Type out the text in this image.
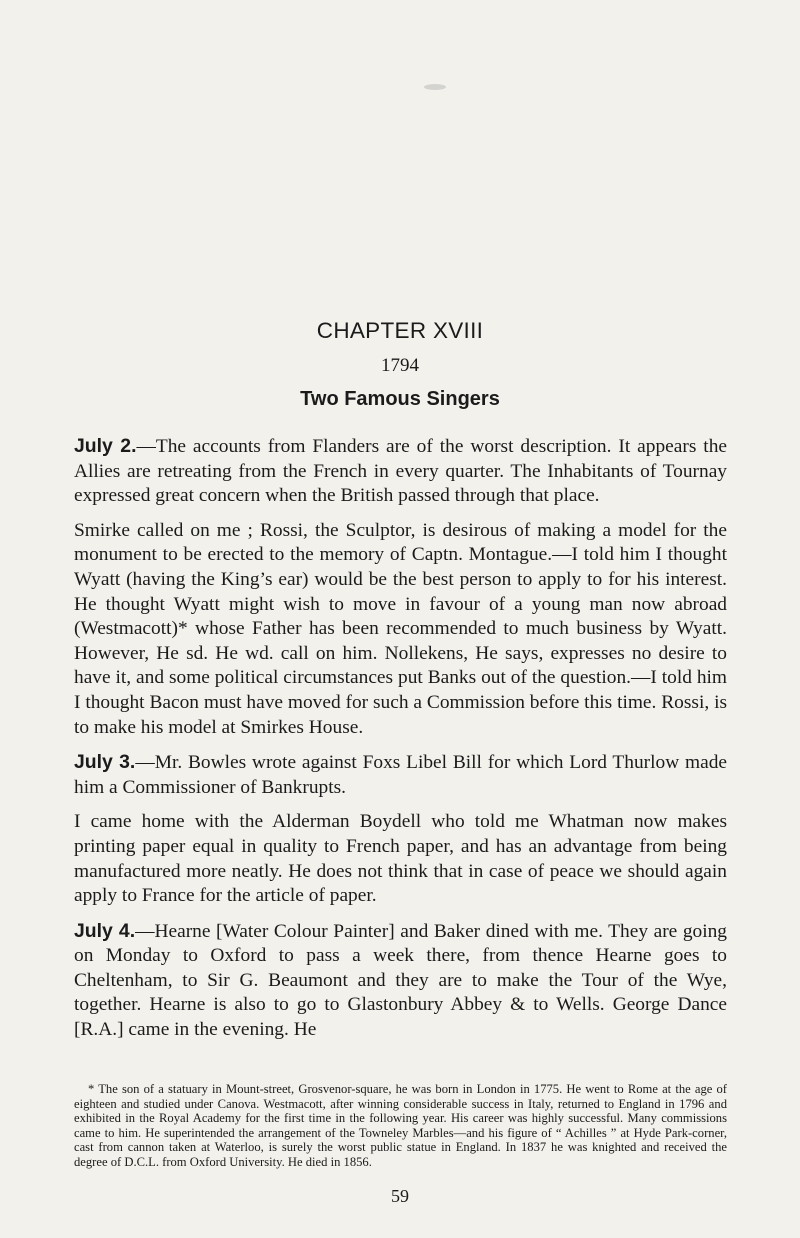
CHAPTER XVIII
1794
Two Famous Singers

July 2.—The accounts from Flanders are of the worst description. It appears the Allies are retreating from the French in every quarter. The Inhabitants of Tournay expressed great concern when the British passed through that place.

Smirke called on me ; Rossi, the Sculptor, is desirous of making a model for the monument to be erected to the memory of Captn. Montague.—I told him I thought Wyatt (having the King’s ear) would be the best person to apply to for his interest. He thought Wyatt might wish to move in favour of a young man now abroad (Westmacott)* whose Father has been recommended to much business by Wyatt. However, He sd. He wd. call on him. Nollekens, He says, expresses no desire to have it, and some political circumstances put Banks out of the question.—I told him I thought Bacon must have moved for such a Commission before this time. Rossi, is to make his model at Smirkes House.

July 3.—Mr. Bowles wrote against Foxs Libel Bill for which Lord Thurlow made him a Commissioner of Bankrupts.

I came home with the Alderman Boydell who told me Whatman now makes printing paper equal in quality to French paper, and has an advantage from being manufactured more neatly. He does not think that in case of peace we should again apply to France for the article of paper.

July 4.—Hearne [Water Colour Painter] and Baker dined with me. They are going on Monday to Oxford to pass a week there, from thence Hearne goes to Cheltenham, to Sir G. Beaumont and they are to make the Tour of the Wye, together. Hearne is also to go to Glastonbury Abbey & to Wells. George Dance [R.A.] came in the evening. He

* The son of a statuary in Mount-street, Grosvenor-square, he was born in London in 1775. He went to Rome at the age of eighteen and studied under Canova. Westmacott, after winning considerable success in Italy, returned to England in 1796 and exhibited in the Royal Academy for the first time in the following year. His career was highly successful. Many commissions came to him. He superintended the arrangement of the Towneley Marbles—and his figure of “ Achilles ” at Hyde Park-corner, cast from cannon taken at Waterloo, is surely the worst public statue in England. In 1837 he was knighted and received the degree of D.C.L. from Oxford University. He died in 1856.

59
